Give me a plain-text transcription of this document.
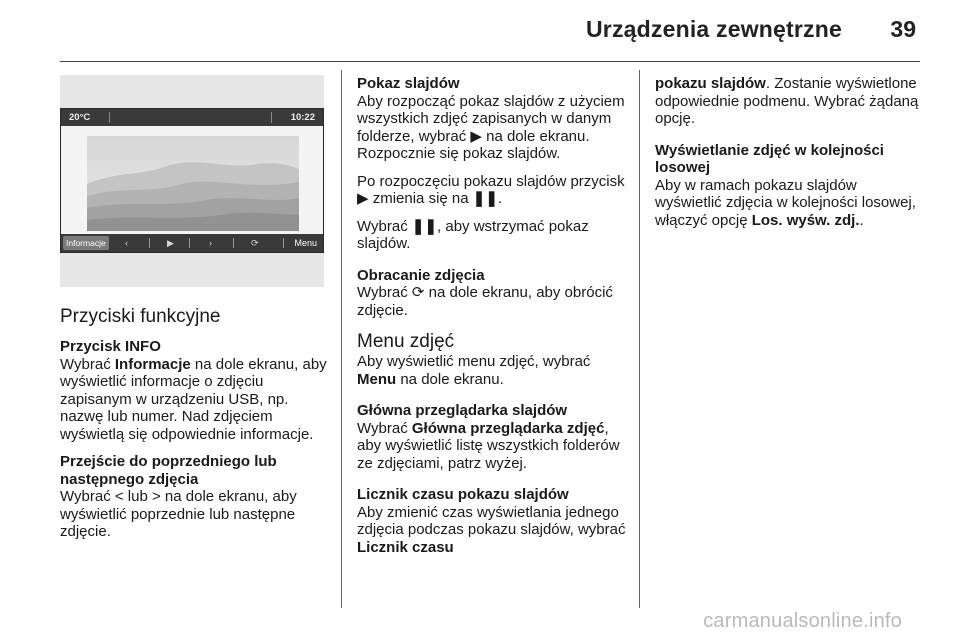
Urządzenia zewnętrzne 39
20°C	10:22
Informacje	‹	▶	›	⟳	Menu
Przyciski funkcyjne

Przycisk INFO
Wybrać Informacje na dole ekranu, aby wyświetlić informacje o zdjęciu zapisanym w urządzeniu USB, np. nazwę lub numer. Nad zdjęciem wyświetlą się odpowiednie informacje.

Przejście do poprzedniego lub następnego zdjęcia
Wybrać < lub > na dole ekranu, aby wyświetlić poprzednie lub następne zdjęcie.

Pokaz slajdów
Aby rozpocząć pokaz slajdów z użyciem wszystkich zdjęć zapisanych w danym folderze, wybrać ▶ na dole ekranu. Rozpocznie się pokaz slajdów.

Po rozpoczęciu pokazu slajdów przycisk ▶ zmienia się na ❚❚.

Wybrać ❚❚, aby wstrzymać pokaz slajdów.

Obracanie zdjęcia
Wybrać ⟳ na dole ekranu, aby obrócić zdjęcie.

Menu zdjęć

Aby wyświetlić menu zdjęć, wybrać Menu na dole ekranu.

Główna przeglądarka slajdów
Wybrać Główna przeglądarka zdjęć, aby wyświetlić listę wszystkich folderów ze zdjęciami, patrz wyżej.

Licznik czasu pokazu slajdów
Aby zmienić czas wyświetlania jednego zdjęcia podczas pokazu slajdów, wybrać Licznik czasu

pokazu slajdów. Zostanie wyświetlone odpowiednie podmenu. Wybrać żądaną opcję.

Wyświetlanie zdjęć w kolejności losowej
Aby w ramach pokazu slajdów wyświetlić zdjęcia w kolejności losowej, włączyć opcję Los. wyśw. zdj..

carmanualsonline.info
